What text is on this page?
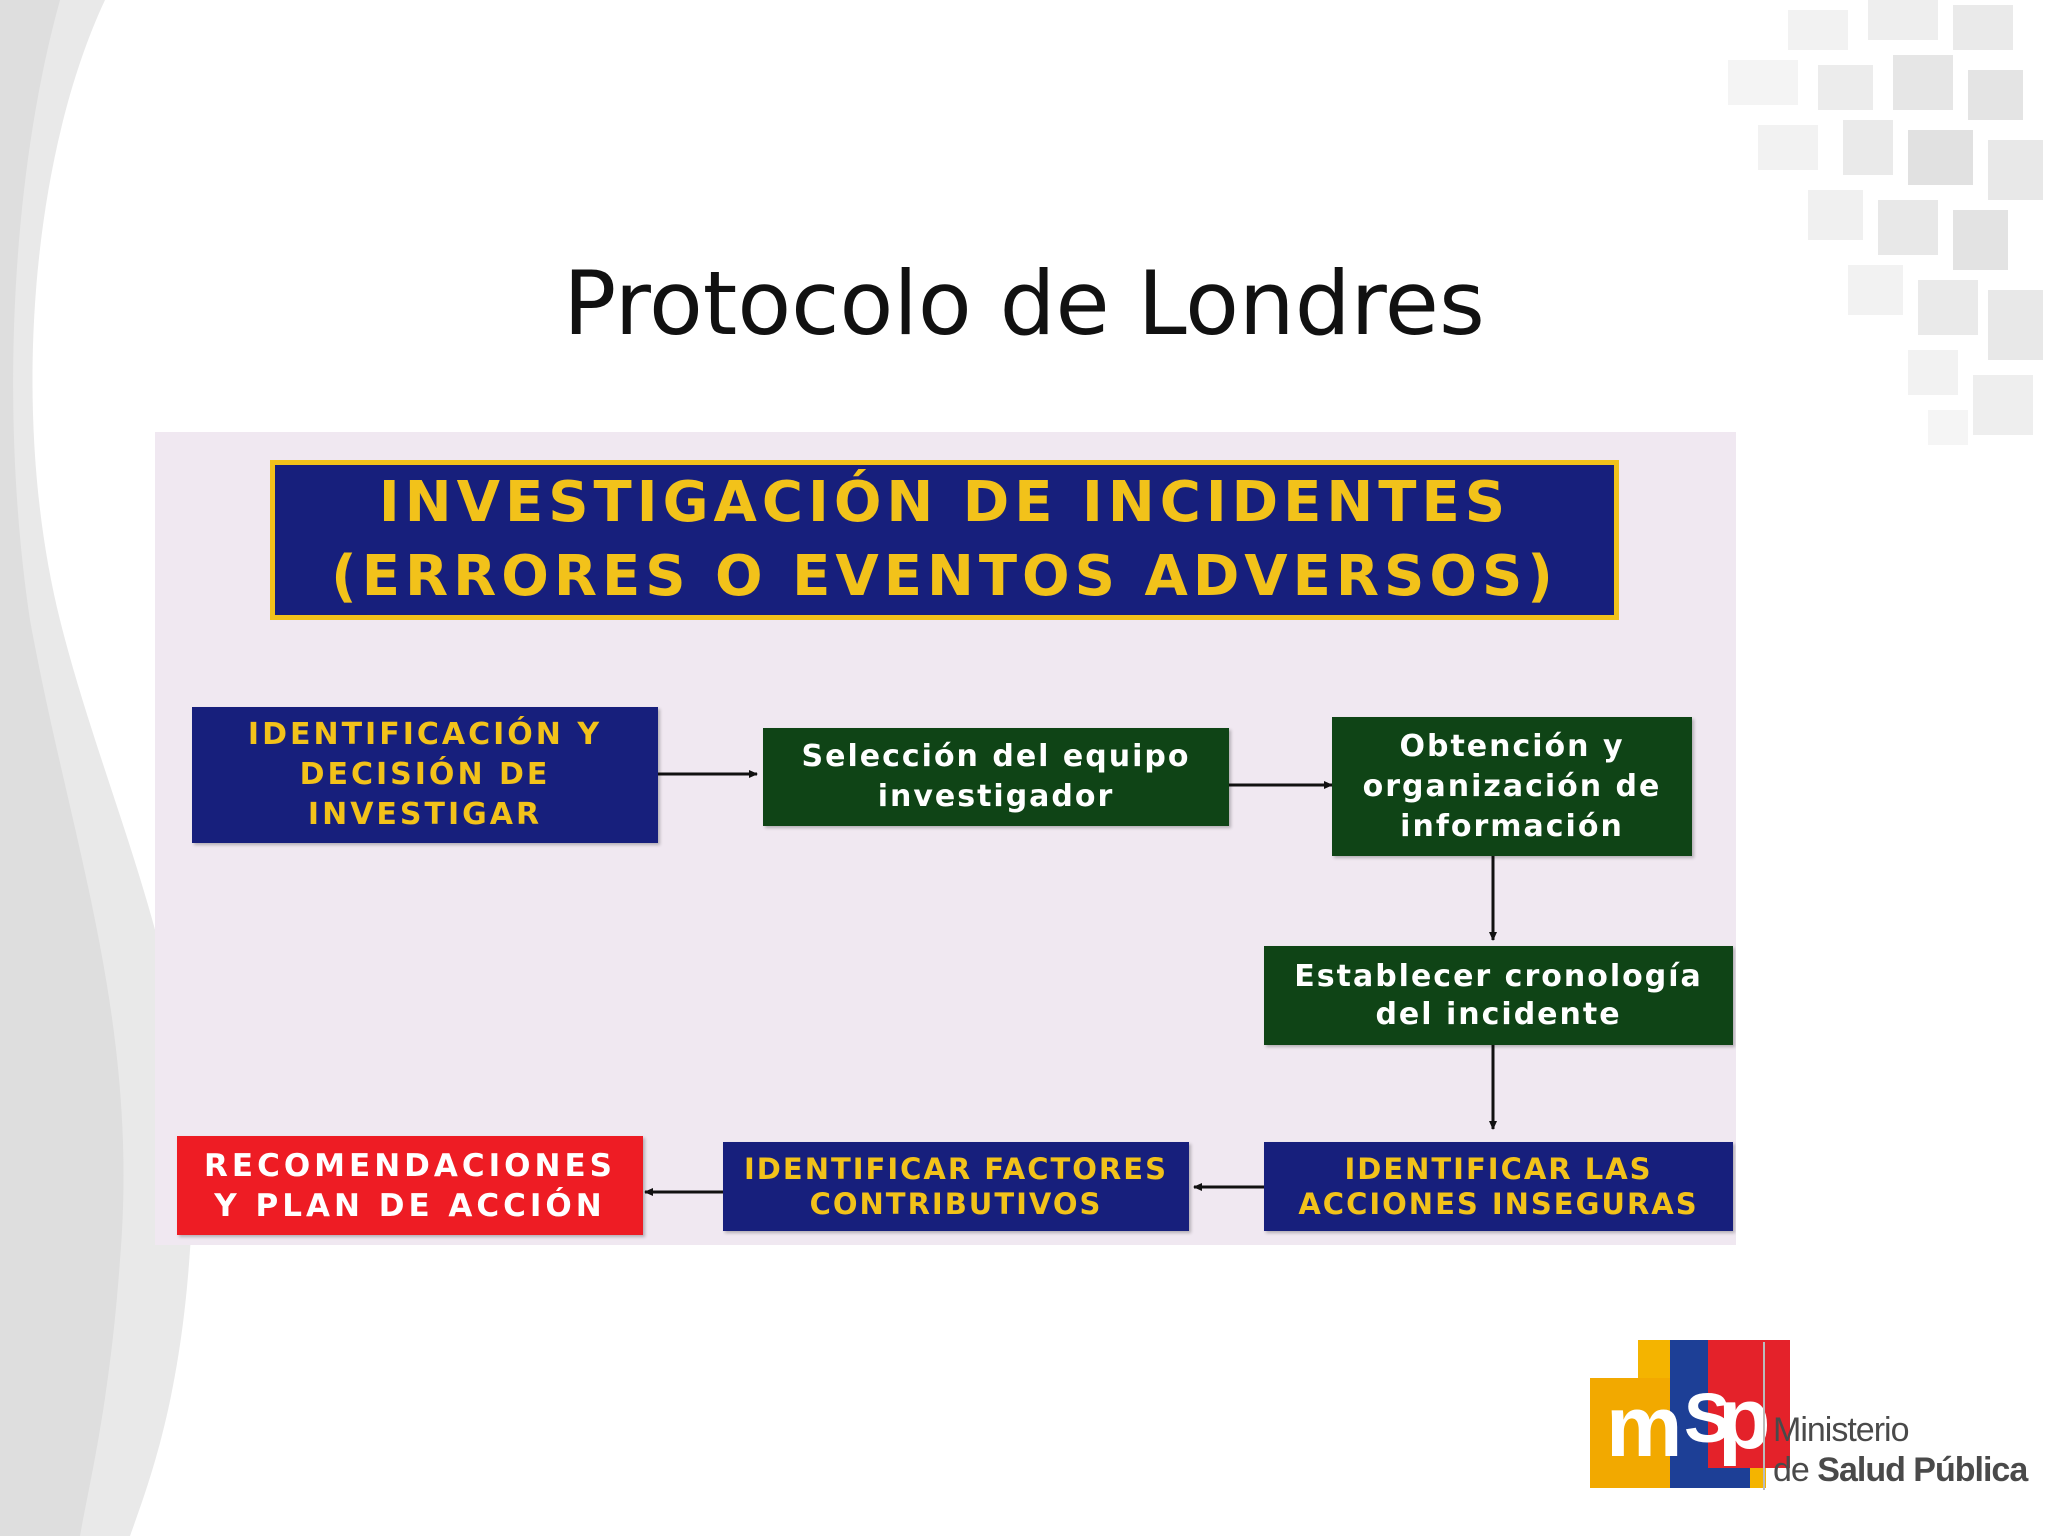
Protocolo de Londres
INVESTIGACIÓN DE INCIDENTES
(ERRORES O EVENTOS ADVERSOS)
IDENTIFICACIÓN Y
DECISIÓN DE
INVESTIGAR
Selección del equipo
investigador
Obtención y
organización de
información
Establecer cronología
del incidente
IDENTIFICAR LAS
ACCIONES INSEGURAS
IDENTIFICAR FACTORES
CONTRIBUTIVOS
RECOMENDACIONES
Y PLAN DE ACCIÓN
m S
p Ministerio
de Salud Pública
